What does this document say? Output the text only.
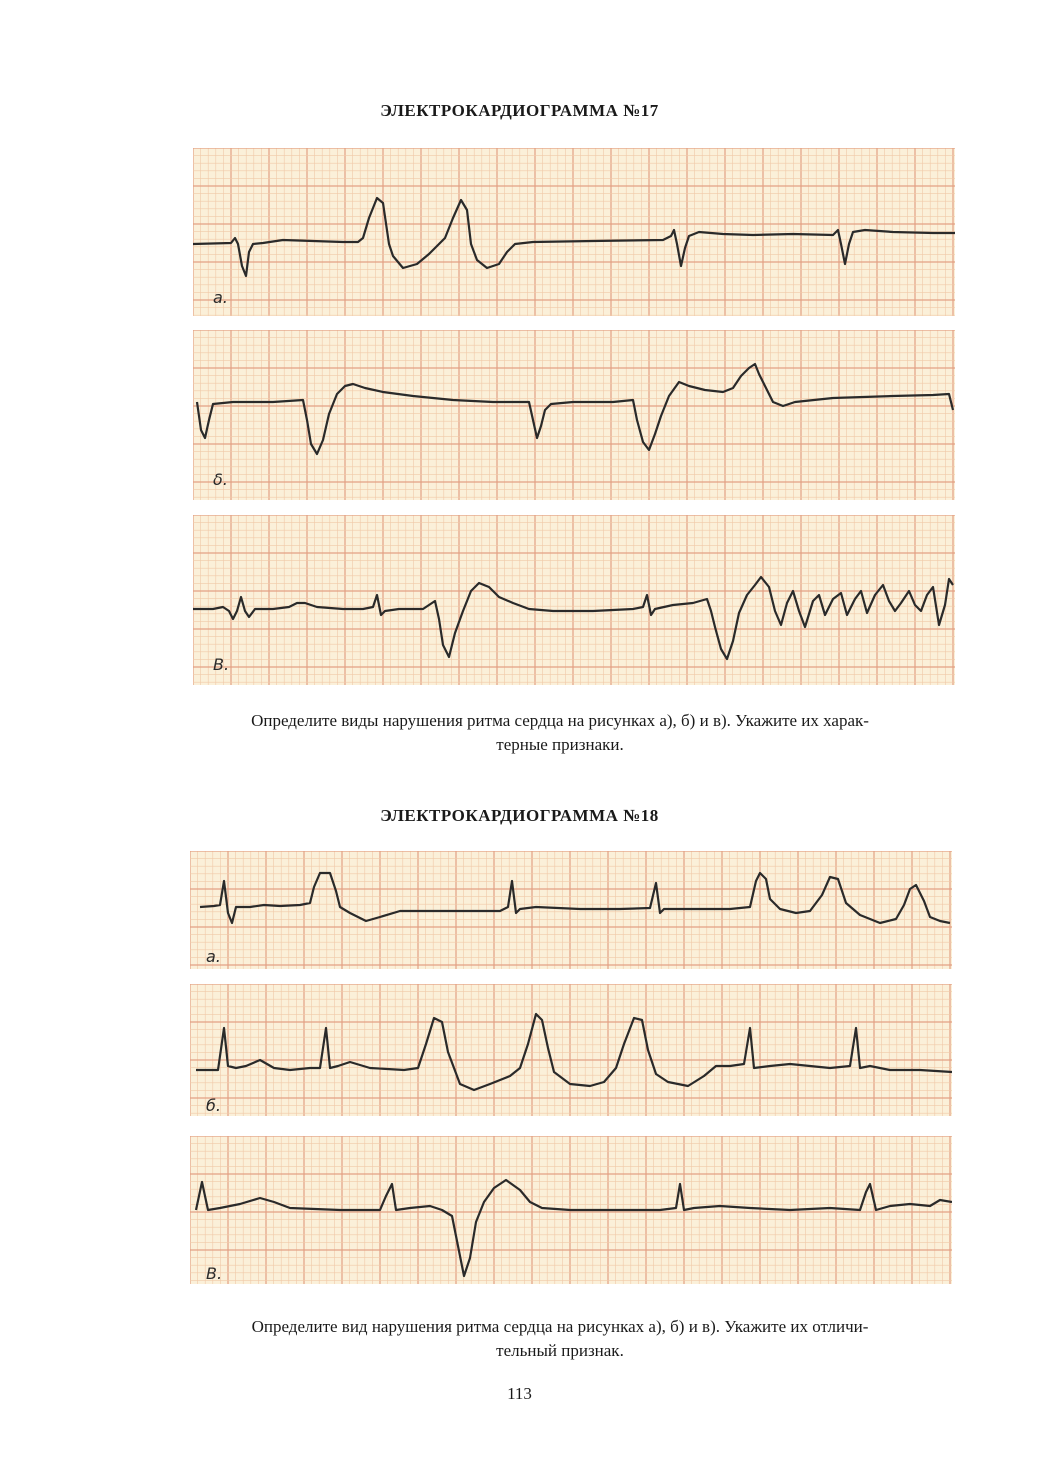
ЭЛЕКТРОКАРДИОГРАММА №17
a.
δ.
B.
Определите виды нарушения ритма сердца на рисунках а), б) и в). Укажите их харак-
терные признаки.
ЭЛЕКТРОКАРДИОГРАММА №18
a.
б.
B.
Определите вид нарушения ритма сердца на рисунках а), б) и в). Укажите их отличи-
тельный признак.
113
